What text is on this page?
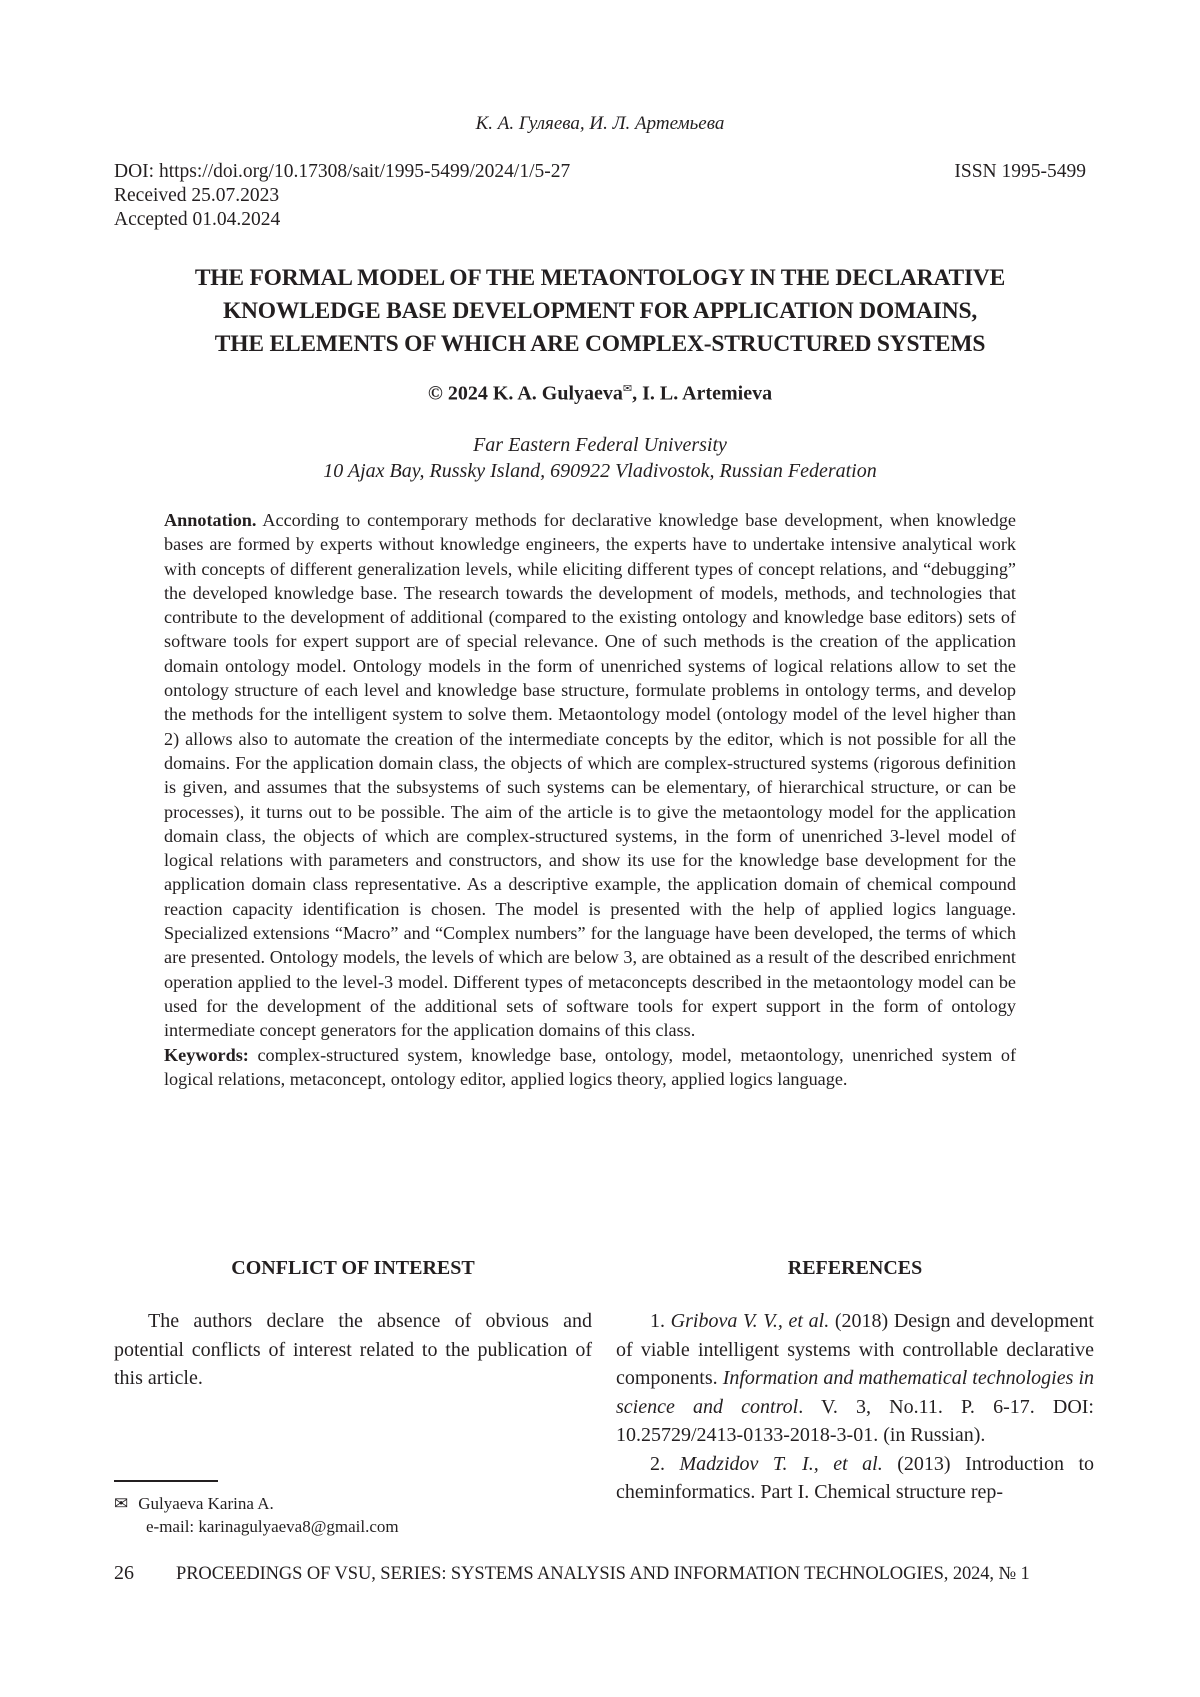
К. А. Гуляева, И. Л. Артемьева
DOI: https://doi.org/10.17308/sait/1995-5499/2024/1/5-27
Received 25.07.2023
Accepted 01.04.2024
ISSN 1995-5499
THE FORMAL MODEL OF THE METAONTOLOGY IN THE DECLARATIVE
KNOWLEDGE BASE DEVELOPMENT FOR APPLICATION DOMAINS,
THE ELEMENTS OF WHICH ARE COMPLEX-STRUCTURED SYSTEMS
© 2024 K. A. Gulyaeva✉, I. L. Artemieva
Far Eastern Federal University
10 Ajax Bay, Russky Island, 690922 Vladivostok, Russian Federation
Annotation. According to contemporary methods for declarative knowledge base development, when knowledge bases are formed by experts without knowledge engineers, the experts have to undertake intensive analytical work with concepts of different generalization levels, while eliciting different types of concept relations, and “debugging” the developed knowledge base. The research towards the development of models, methods, and technologies that contribute to the development of additional (compared to the existing ontology and knowledge base editors) sets of software tools for expert support are of special relevance. One of such methods is the creation of the application domain ontology model. Ontology models in the form of unenriched systems of logical relations allow to set the ontology structure of each level and knowledge base structure, formulate problems in ontology terms, and develop the methods for the intelligent system to solve them. Metaontology model (ontology model of the level higher than 2) allows also to automate the creation of the intermediate concepts by the editor, which is not possible for all the domains. For the application domain class, the objects of which are complex-structured systems (rigorous definition is given, and assumes that the subsystems of such systems can be elementary, of hierarchical structure, or can be processes), it turns out to be possible. The aim of the article is to give the metaontology model for the application domain class, the objects of which are complex-structured systems, in the form of unenriched 3-level model of logical relations with parameters and constructors, and show its use for the knowledge base development for the application domain class representative. As a descriptive example, the application domain of chemical compound reaction capacity identification is chosen. The model is presented with the help of applied logics language. Specialized extensions “Macro” and “Complex numbers” for the language have been developed, the terms of which are presented. Ontology models, the levels of which are below 3, are obtained as a result of the described enrichment operation applied to the level-3 model. Different types of metaconcepts described in the metaontology model can be used for the development of the additional sets of software tools for expert support in the form of ontology intermediate concept generators for the application domains of this class.
Keywords: complex-structured system, knowledge base, ontology, model, metaontology, unenriched system of logical relations, metaconcept, ontology editor, applied logics theory, applied logics language.
CONFLICT OF INTEREST

The authors declare the absence of obvious and potential conflicts of interest related to the publication of this article.

REFERENCES

1. Gribova V. V., et al. (2018) Design and development of viable intelligent systems with controllable declarative components. Information and mathematical technologies in science and control. V. 3, No.11. P. 6-17. DOI: 10.25729/2413-0133-2018-3-01. (in Russian).

2. Madzidov T. I., et al. (2013) Introduction to cheminformatics. Part I. Chemical structure rep-

✉ Gulyaeva Karina A.
e-mail: karinagulyaeva8@gmail.com
26	PROCEEDINGS OF VSU, SERIES: SYSTEMS ANALYSIS AND INFORMATION TECHNOLOGIES, 2024, № 1
